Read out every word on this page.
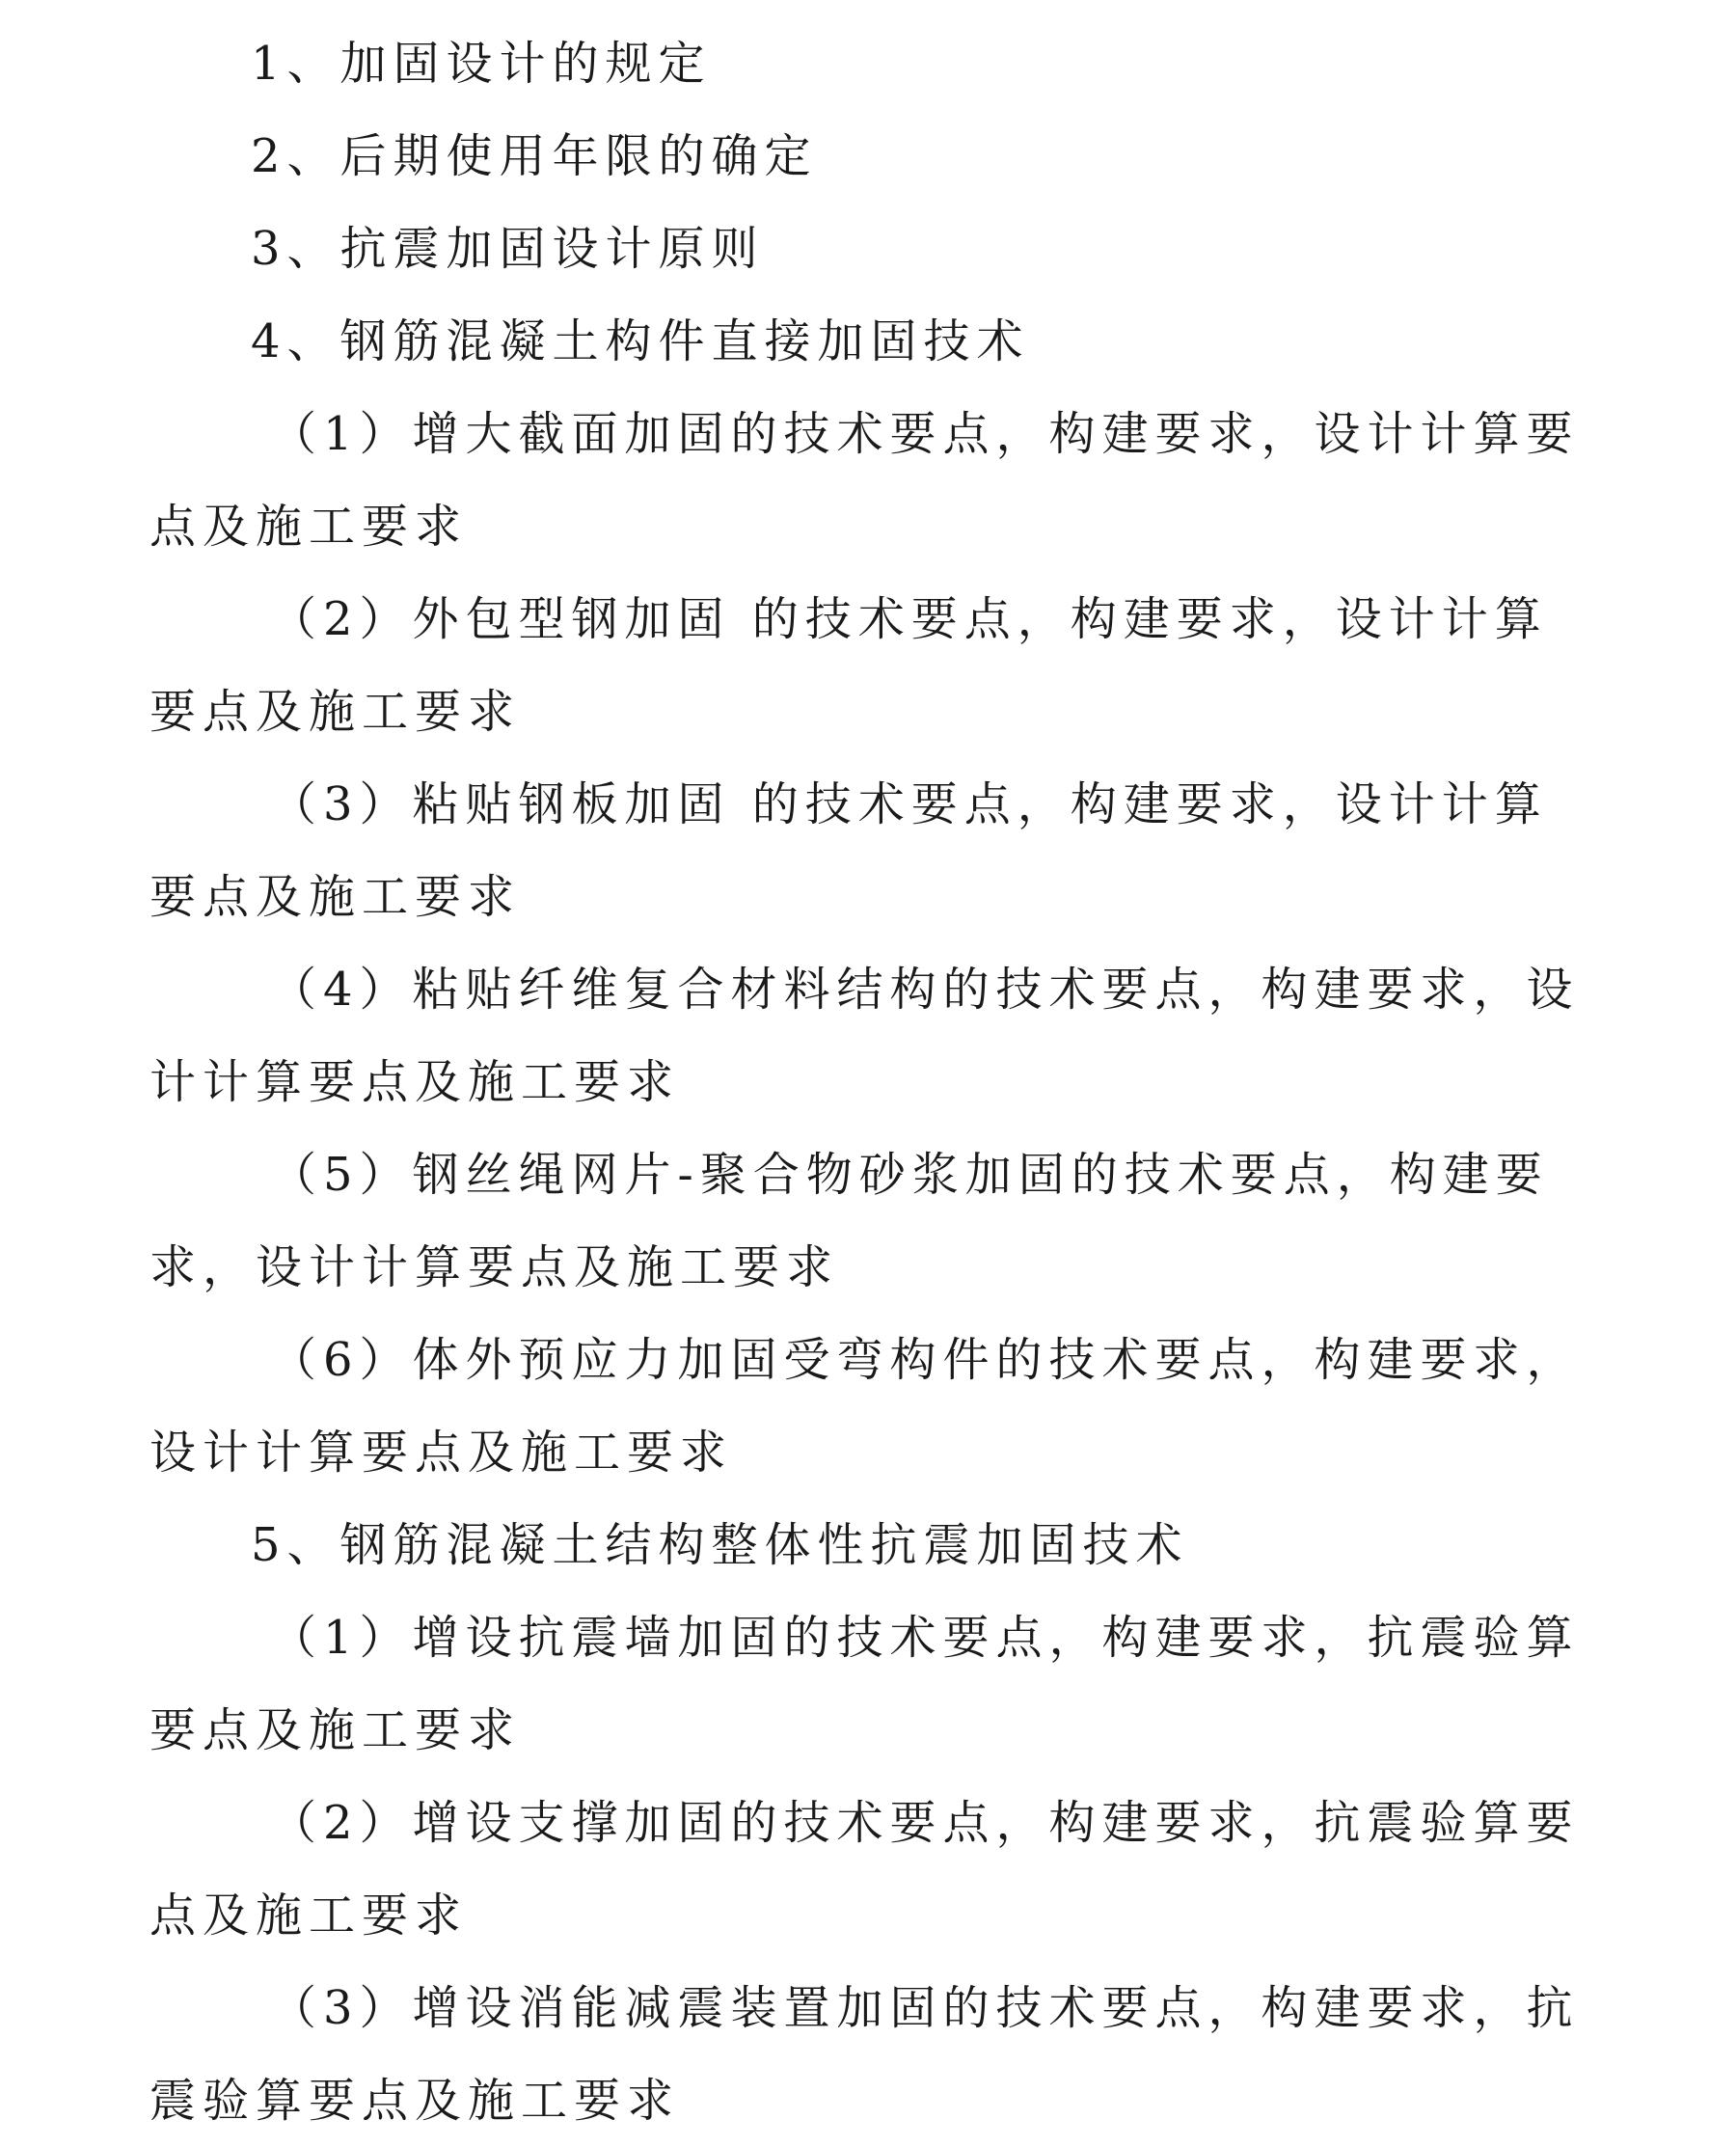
1、加固设计的规定

2、后期使用年限的确定

3、抗震加固设计原则

4、钢筋混凝土构件直接加固技术

（1）增大截面加固的技术要点，构建要求，设计计算要点及施工要求

（2）外包型钢加固 的技术要点，构建要求，设计计算要点及施工要求

（3）粘贴钢板加固 的技术要点，构建要求，设计计算要点及施工要求

（4）粘贴纤维复合材料结构的技术要点，构建要求，设计计算要点及施工要求

（5）钢丝绳网片-聚合物砂浆加固的技术要点，构建要求，设计计算要点及施工要求

（6）体外预应力加固受弯构件的技术要点，构建要求，设计计算要点及施工要求

5、钢筋混凝土结构整体性抗震加固技术

（1）增设抗震墙加固的技术要点，构建要求，抗震验算要点及施工要求

（2）增设支撑加固的技术要点，构建要求，抗震验算要点及施工要求

（3）增设消能减震装置加固的技术要点，构建要求，抗震验算要点及施工要求
